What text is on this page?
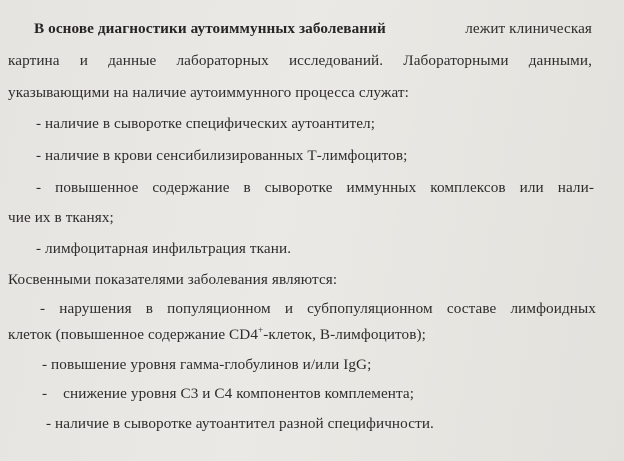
В основе диагностики аутоиммунных заболеваний	лежит клиническая
картина и данные лабораторных исследований. Лабораторными данными,
указывающими на наличие аутоиммунного процесса служат:
- наличие в сыворотке специфических аутоантител;
- наличие в крови сенсибилизированных Т-лимфоцитов;
- повышенное содержание в сыворотке иммунных комплексов или нали-
чие их в тканях;
- лимфоцитарная инфильтрация ткани.
Косвенными показателями заболевания являются:
- нарушения в популяционном и субпопуляционном составе лимфоидных
клеток (повышенное содержание CD4+-клеток, В-лимфоцитов);
- повышение уровня гамма-глобулинов и/или IgG;
- снижение уровня С3 и С4 компонентов комплемента;
- наличие в сыворотке аутоантител разной специфичности.
